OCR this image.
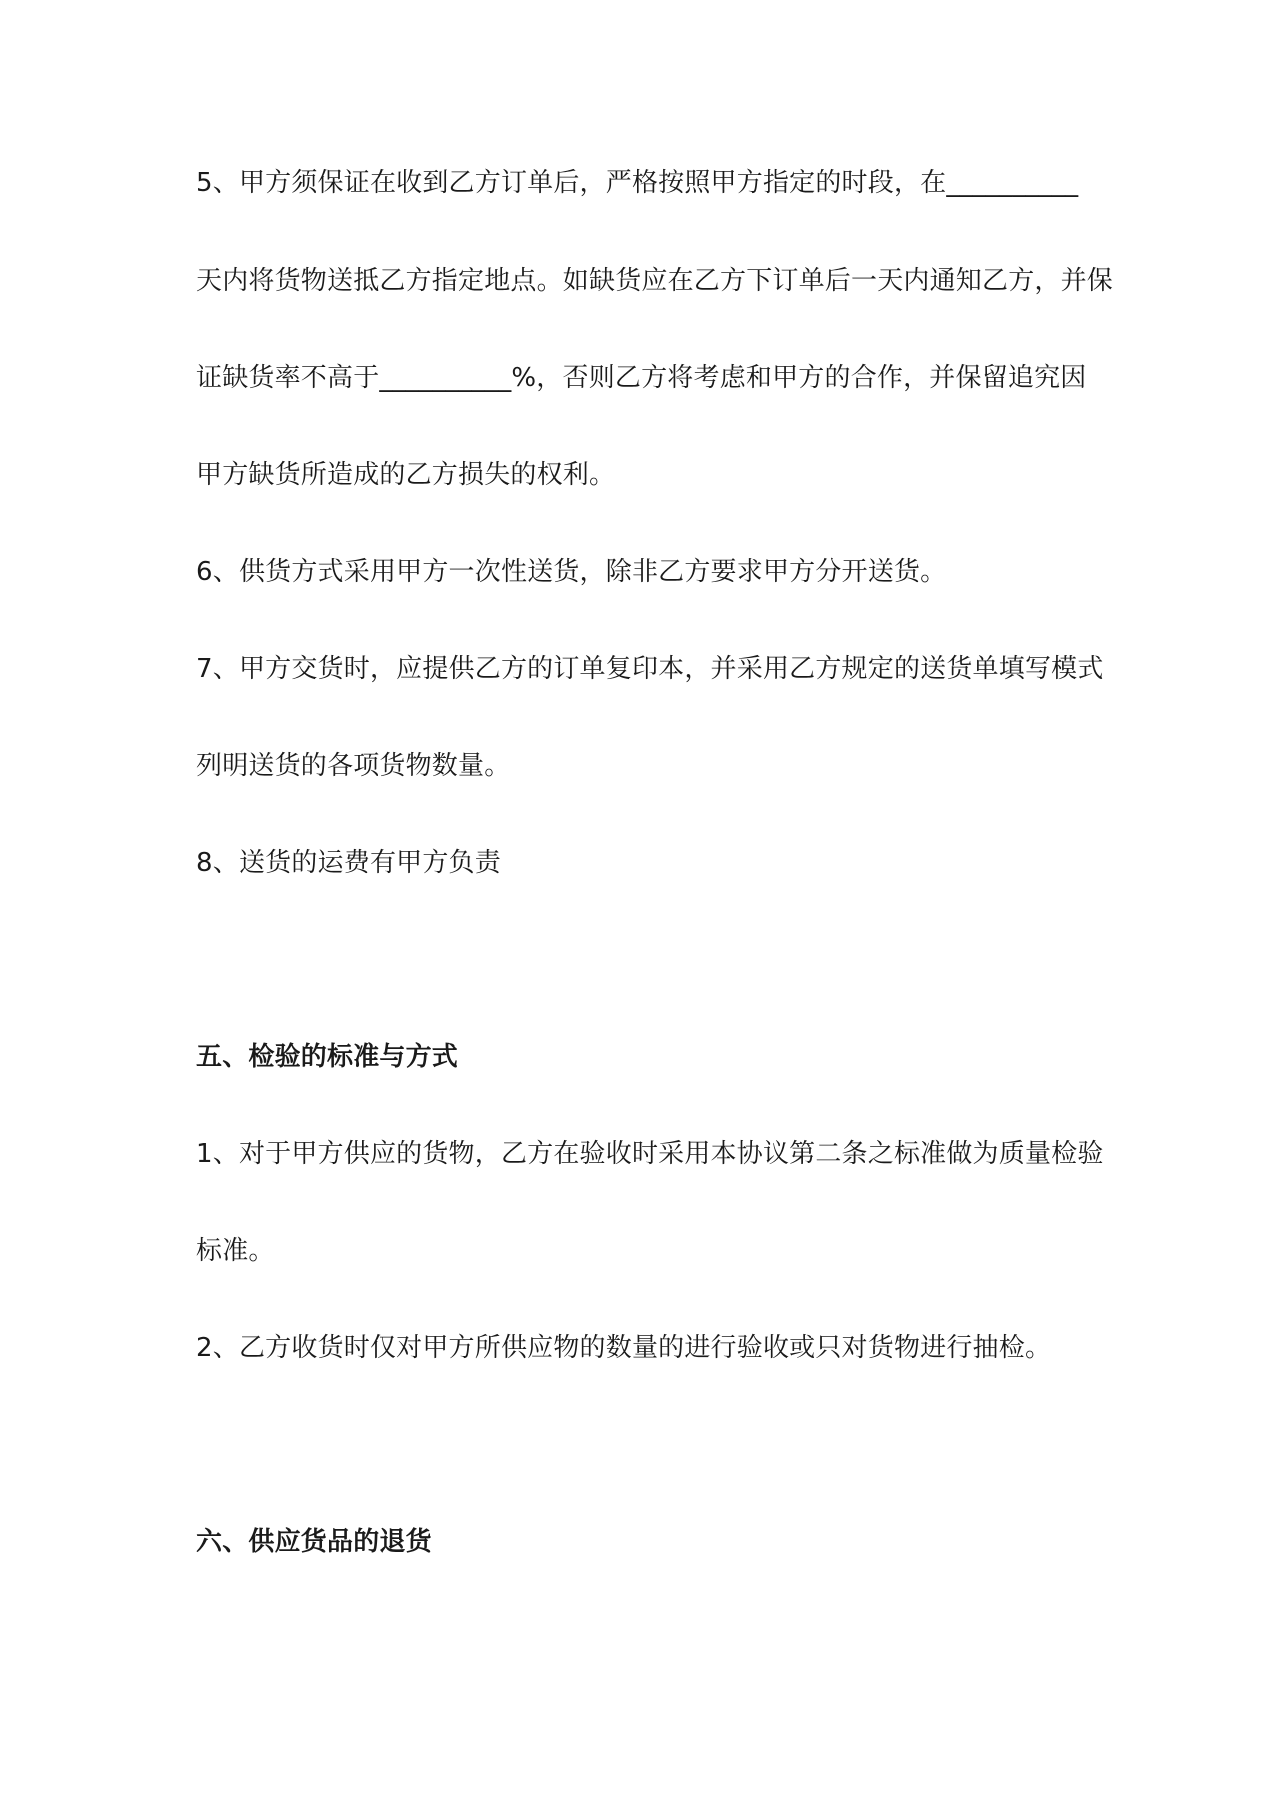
5、甲方须保证在收到乙方订单后，严格按照甲方指定的时段，在__________
天内将货物送抵乙方指定地点。如缺货应在乙方下订单后一天内通知乙方，并保
证缺货率不高于__________%，否则乙方将考虑和甲方的合作，并保留追究因
甲方缺货所造成的乙方损失的权利。
6、供货方式采用甲方一次性送货，除非乙方要求甲方分开送货。
7、甲方交货时，应提供乙方的订单复印本，并采用乙方规定的送货单填写模式
列明送货的各项货物数量。
8、送货的运费有甲方负责
五、检验的标准与方式
1、对于甲方供应的货物，乙方在验收时采用本协议第二条之标准做为质量检验
标准。
2、乙方收货时仅对甲方所供应物的数量的进行验收或只对货物进行抽检。
六、供应货品的退货
